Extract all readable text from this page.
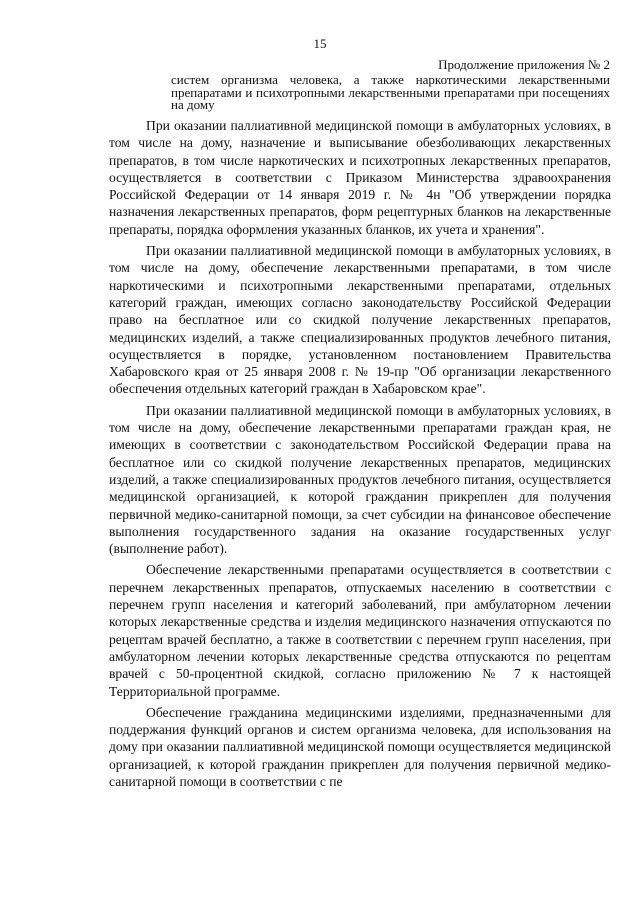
15
Продолжение приложения № 2
систем организма человека, а также наркотическими лекарственными препаратами и психотропными лекарственными препаратами при посещениях на дому

При оказании паллиативной медицинской помощи в амбулаторных условиях, в том числе на дому, назначение и выписывание обезболивающих лекарственных препаратов, в том числе наркотических и психотропных лекарственных препаратов, осуществляется в соответствии с Приказом Министерства здравоохранения Российской Федерации от 14 января 2019 г. № 4н "Об утверждении порядка назначения лекарственных препаратов, форм рецептурных бланков на лекарственные препараты, порядка оформления указанных бланков, их учета и хранения".

При оказании паллиативной медицинской помощи в амбулаторных условиях, в том числе на дому, обеспечение лекарственными препаратами, в том числе наркотическими и психотропными лекарственными препаратами, отдельных категорий граждан, имеющих согласно законодательству Российской Федерации право на бесплатное или со скидкой получение лекарственных препаратов, медицинских изделий, а также специализированных продуктов лечебного питания, осуществляется в порядке, установленном постановлением Правительства Хабаровского края от 25 января 2008 г. № 19-пр "Об организации лекарственного обеспечения отдельных категорий граждан в Хабаровском крае".

При оказании паллиативной медицинской помощи в амбулаторных условиях, в том числе на дому, обеспечение лекарственными препаратами граждан края, не имеющих в соответствии с законодательством Российской Федерации права на бесплатное или со скидкой получение лекарственных препаратов, медицинских изделий, а также специализированных продуктов лечебного питания, осуществляется медицинской организацией, к которой гражданин прикреплен для получения первичной медико-санитарной помощи, за счет субсидии на финансовое обеспечение выполнения государственного задания на оказание государственных услуг (выполнение работ).

Обеспечение лекарственными препаратами осуществляется в соответствии с перечнем лекарственных препаратов, отпускаемых населению в соответствии с перечнем групп населения и категорий заболеваний, при амбулаторном лечении которых лекарственные средства и изделия медицинского назначения отпускаются по рецептам врачей бесплатно, а также в соответствии с перечнем групп населения, при амбулаторном лечении которых лекарственные средства отпускаются по рецептам врачей с 50-процентной скидкой, согласно приложению № 7 к настоящей Территориальной программе.

Обеспечение гражданина медицинскими изделиями, предназначенными для поддержания функций органов и систем организма человека, для использования на дому при оказании паллиативной медицинской помощи осуществляется медицинской организацией, к которой гражданин прикреплен для получения первичной медико-санитарной помощи в соответствии с пе
